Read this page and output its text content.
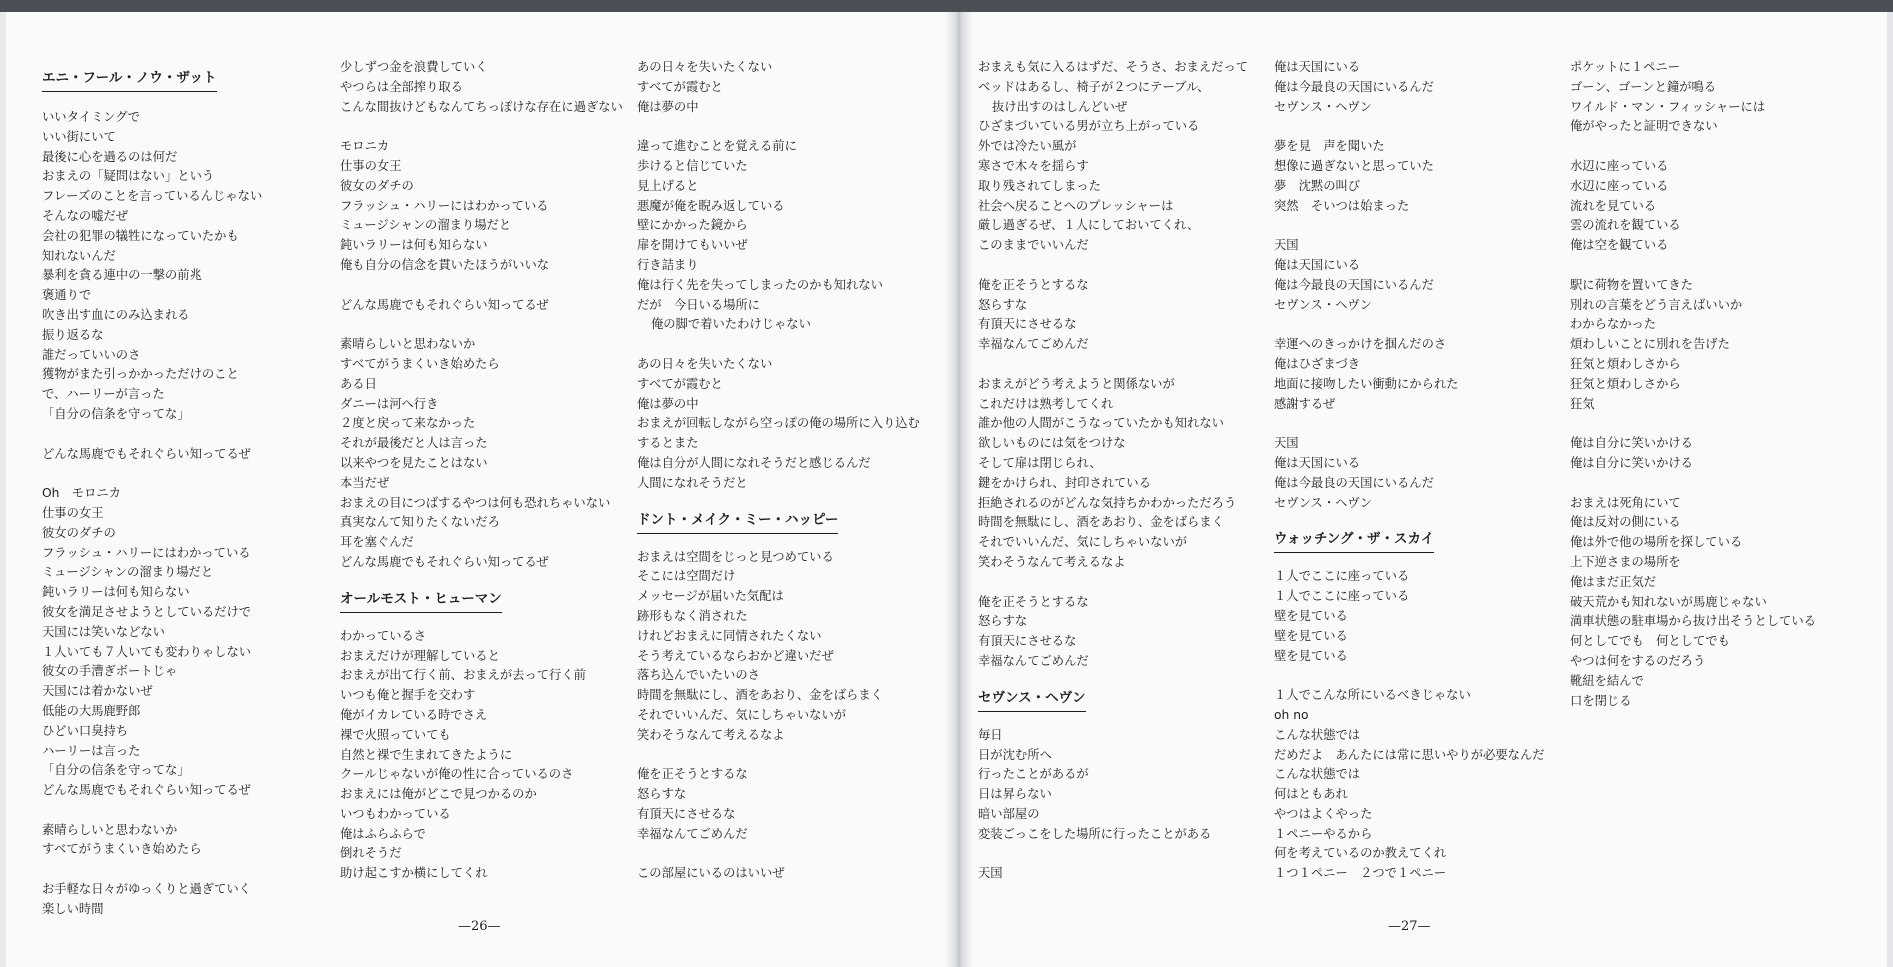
エニ・フール・ノウ・ザット
いいタイミングで
いい街にいて
最後に心を過るのは何だ
おまえの「疑問はない」という
フレーズのことを言っているんじゃない
そんなの嘘だぜ
会社の犯罪の犠牲になっていたかも
知れないんだ
暴利を貪る連中の一撃の前兆
褒通りで
吹き出す血にのみ込まれる
振り返るな
誰だっていいのさ
獲物がまた引っかかっただけのこと
で、ハーリーが言った
「自分の信条を守ってな」
どんな馬鹿でもそれぐらい知ってるぜ
Oh　モロニカ
仕事の女王
彼女のダチの
フラッシュ・ハリーにはわかっている
ミュージシャンの溜まり場だと
鈍いラリーは何も知らない
彼女を満足させようとしているだけで
天国には笑いなどない
１人いても７人いても変わりゃしない
彼女の手漕ぎボートじゃ
天国には着かないぜ
低能の大馬鹿野郎
ひどい口臭持ち
ハーリーは言った
「自分の信条を守ってな」
どんな馬鹿でもそれぐらい知ってるぜ
素晴らしいと思わないか
すべてがうまくいき始めたら
お手軽な日々がゆっくりと過ぎていく
楽しい時間
少しずつ金を浪費していく
やつらは全部搾り取る
こんな間抜けどもなんてちっぽけな存在に過ぎない
モロニカ
仕事の女王
彼女のダチの
フラッシュ・ハリーにはわかっている
ミュージシャンの溜まり場だと
鈍いラリーは何も知らない
俺も自分の信念を貫いたほうがいいな
どんな馬鹿でもそれぐらい知ってるぜ
素晴らしいと思わないか
すべてがうまくいき始めたら
ある日
ダニーは河へ行き
２度と戻って来なかった
それが最後だと人は言った
以来やつを見たことはない
本当だぜ
おまえの目につばするやつは何も恐れちゃいない
真実なんて知りたくないだろ
耳を塞ぐんだ
どんな馬鹿でもそれぐらい知ってるぜ
オールモスト・ヒューマン
わかっているさ
おまえだけが理解していると
おまえが出て行く前、おまえが去って行く前
いつも俺と握手を交わす
俺がイカレている時でさえ
裸で火照っていても
自然と裸で生まれてきたように
クールじゃないが俺の性に合っているのさ
おまえには俺がどこで見つかるのか
いつもわかっている
俺はふらふらで
倒れそうだ
助け起こすか横にしてくれ
あの日々を失いたくない
すべてが霞むと
俺は夢の中
違って進むことを覚える前に
歩けると信じていた
見上げると
悪魔が俺を睨み返している
壁にかかった鏡から
扉を開けてもいいぜ
行き詰まり
俺は行く先を失ってしまったのかも知れない
だが　今日いる場所に
俺の脚で着いたわけじゃない
あの日々を失いたくない
すべてが霞むと
俺は夢の中
おまえが回転しながら空っぽの俺の場所に入り込む
するとまた
俺は自分が人間になれそうだと感じるんだ
人間になれそうだと
ドント・メイク・ミー・ハッピー
おまえは空間をじっと見つめている
そこには空間だけ
メッセージが届いた気配は
跡形もなく消された
けれどおまえに同情されたくない
そう考えているならおかど違いだぜ
落ち込んでいたいのさ
時間を無駄にし、酒をあおり、金をばらまく
それでいいんだ、気にしちゃいないが
笑わそうなんて考えるなよ
俺を正そうとするな
怒らすな
有頂天にさせるな
幸福なんてごめんだ
この部屋にいるのはいいぜ
おまえも気に入るはずだ、そうさ、おまえだって
ベッドはあるし、椅子が２つにテーブル、
抜け出すのはしんどいぜ
ひざまづいている男が立ち上がっている
外では冷たい風が
寒さで木々を揺らす
取り残されてしまった
社会へ戻ることへのプレッシャーは
厳し過ぎるぜ、１人にしておいてくれ、
このままでいいんだ
俺を正そうとするな
怒らすな
有頂天にさせるな
幸福なんてごめんだ
おまえがどう考えようと関係ないが
これだけは熟考してくれ
誰か他の人間がこうなっていたかも知れない
欲しいものには気をつけな
そして扉は閉じられ、
鍵をかけられ、封印されている
拒絶されるのがどんな気持ちかわかっただろう
時間を無駄にし、酒をあおり、金をばらまく
それでいいんだ、気にしちゃいないが
笑わそうなんて考えるなよ
俺を正そうとするな
怒らすな
有頂天にさせるな
幸福なんてごめんだ
セヴンス・ヘヴン
毎日
日が沈む所へ
行ったことがあるが
日は昇らない
暗い部屋の
変装ごっこをした場所に行ったことがある
天国
俺は天国にいる
俺は今最良の天国にいるんだ
セヴンス・ヘヴン
夢を見　声を聞いた
想像に過ぎないと思っていた
夢　沈黙の叫び
突然　そいつは始まった
天国
俺は天国にいる
俺は今最良の天国にいるんだ
セヴンス・ヘヴン
幸運へのきっかけを掴んだのさ
俺はひざまづき
地面に接吻したい衝動にかられた
感謝するぜ
天国
俺は天国にいる
俺は今最良の天国にいるんだ
セヴンス・ヘヴン
ウォッチング・ザ・スカイ
１人でここに座っている
１人でここに座っている
壁を見ている
壁を見ている
壁を見ている
１人でこんな所にいるべきじゃない
oh no
こんな状態では
だめだよ　あんたには常に思いやりが必要なんだ
こんな状態では
何はともあれ
やつはよくやった
１ペニーやるから
何を考えているのか教えてくれ
１つ１ペニー　２つで１ペニー
ポケットに１ペニー
ゴーン、ゴーンと鐘が鳴る
ワイルド・マン・フィッシャーには
俺がやったと証明できない
水辺に座っている
水辺に座っている
流れを見ている
雲の流れを観ている
俺は空を観ている
駅に荷物を置いてきた
別れの言葉をどう言えばいいか
わからなかった
煩わしいことに別れを告げた
狂気と煩わしさから
狂気と煩わしさから
狂気
俺は自分に笑いかける
俺は自分に笑いかける
おまえは死角にいて
俺は反対の側にいる
俺は外で他の場所を探している
上下逆さまの場所を
俺はまだ正気だ
破天荒かも知れないが馬鹿じゃない
満車状態の駐車場から抜け出そうとしている
何としてでも　何としてでも
やつは何をするのだろう
靴紐を結んで
口を閉じる
—26—	—27—
